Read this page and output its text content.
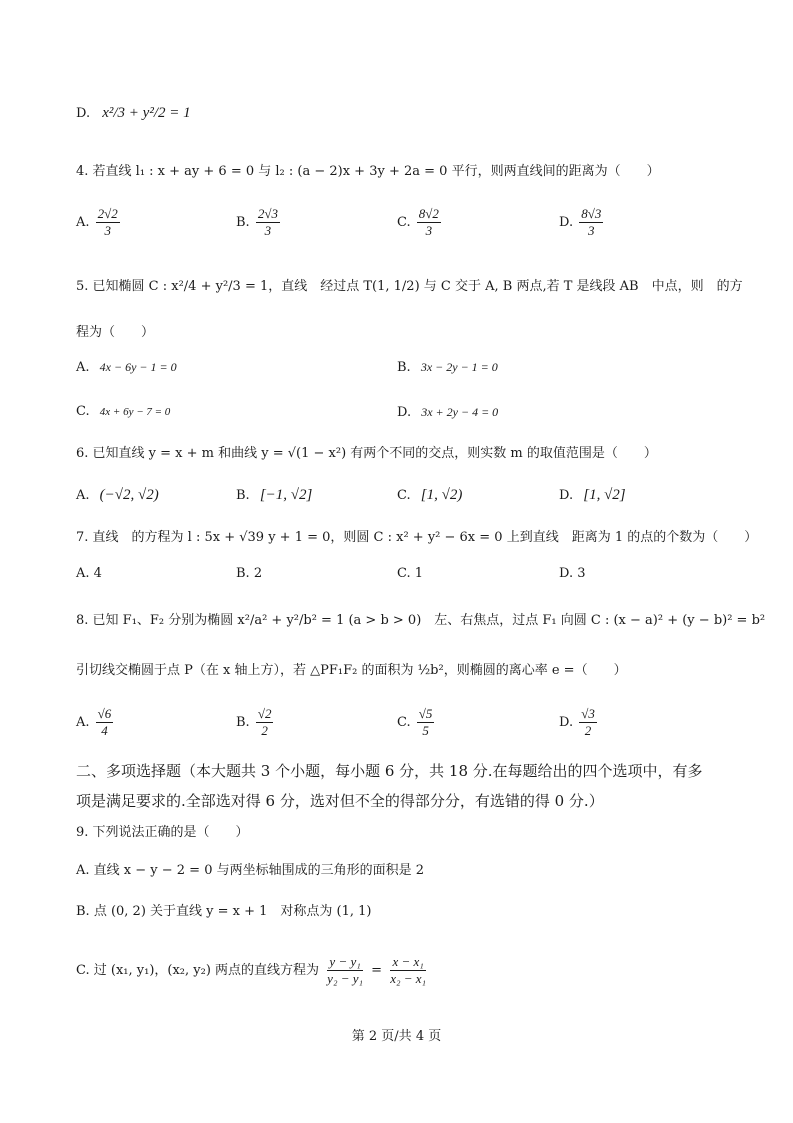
D. x²/3 + y²/2 = 1
4. 若直线 l₁ : x + ay + 6 = 0 与 l₂ : (a − 2)x + 3y + 2a = 0 平行，则两直线间的距离为（　　）
A. $\frac{2√2}{3}$	B. $\frac{2√3}{3}$	C. $\frac{8√2}{3}$	D. $\frac{8√3}{3}$
5. 已知椭圆 C : x²/4 + y²/3 = 1，直线　经过点 T(1, 1/2) 与 C 交于 A, B 两点,若 T 是线段 AB　中点，则　的方
程为（　　）
A. 4x − 6y − 1 = 0	B. 3x − 2y − 1 = 0
C. 4x + 6y − 7 = 0	D. 3x + 2y − 4 = 0
6. 已知直线 y = x + m 和曲线 y = √(1 − x²) 有两个不同的交点，则实数 m 的取值范围是（　　）
A. (−√2, √2)	B. [−1, √2]	C. [1, √2)	D. [1, √2]
7. 直线　的方程为 l : 5x + √39 y + 1 = 0，则圆 C : x² + y² − 6x = 0 上到直线　距离为 1 的点的个数为（　　）
A. 4	B. 2	C. 1	D. 3
8. 已知 F₁、F₂ 分别为椭圆 x²/a² + y²/b² = 1 (a > b > 0)　左、右焦点，过点 F₁ 向圆 C : (x − a)² + (y − b)² = b²
引切线交椭圆于点 P（在 x 轴上方），若 △PF₁F₂ 的面积为 ½b²，则椭圆的离心率 e =（　　）
A. $\frac{√6}{4}$	B. $\frac{√2}{2}$	C. $\frac{√5}{5}$	D. $\frac{√3}{2}$
二、多项选择题（本大题共 3 个小题，每小题 6 分，共 18 分.在每题给出的四个选项中，有多
项是满足要求的.全部选对得 6 分，选对但不全的得部分分，有选错的得 0 分.）
9. 下列说法正确的是（　　）
A. 直线 x − y − 2 = 0 与两坐标轴围成的三角形的面积是 2
B. 点 (0, 2) 关于直线 y = x + 1　对称点为 (1, 1)
C. 过 (x₁, y₁)，(x₂, y₂) 两点的直线方程为 $\frac{\text{y − y₁}}{\text{y₂ − y₁}} = \frac{\text{x − x₁}}{\text{x₂ − x₁}}$
第 2 页/共 4 页
